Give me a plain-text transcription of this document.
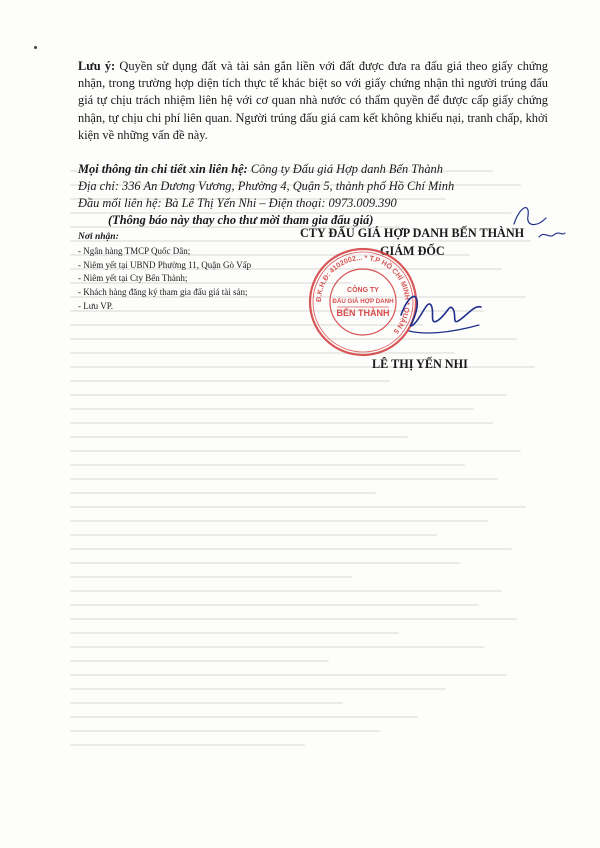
Lưu ý: Quyền sử dụng đất và tài sản gắn liền với đất được đưa ra đấu giá theo giấy chứng nhận, trong trường hợp diện tích thực tế khác biệt so với giấy chứng nhận thì người trúng đấu giá tự chịu trách nhiệm liên hệ với cơ quan nhà nước có thẩm quyền để được cấp giấy chứng nhận, tự chịu chi phí liên quan. Người trúng đấu giá cam kết không khiếu nại, tranh chấp, khởi kiện về những vấn đề này.

Mọi thông tin chi tiết xin liên hệ: Công ty Đấu giá Hợp danh Bến Thành
Địa chỉ: 336 An Dương Vương, Phường 4, Quận 5, thành phố Hồ Chí Minh
Đầu mối liên hệ: Bà Lê Thị Yến Nhi – Điện thoại: 0973.009.390
(Thông báo này thay cho thư mời tham gia đấu giá)
Nơi nhận:
- Ngân hàng TMCP Quốc Dân;
- Niêm yết tại UBND Phường 11, Quận Gò Vấp
- Niêm yết tại Cty Bến Thành;
- Khách hàng đăng ký tham gia đấu giá tài sản;
- Lưu VP.
CTY ĐẤU GIÁ HỢP DANH BẾN THÀNH
GIÁM ĐỐC
Đ.K.H.Đ: 4102002... * T.P HỒ CHÍ MINH * QUẬN 5
CÔNG TY
ĐẤU GIÁ HỢP DANH
BẾN THÀNH
LÊ THỊ YẾN NHI
